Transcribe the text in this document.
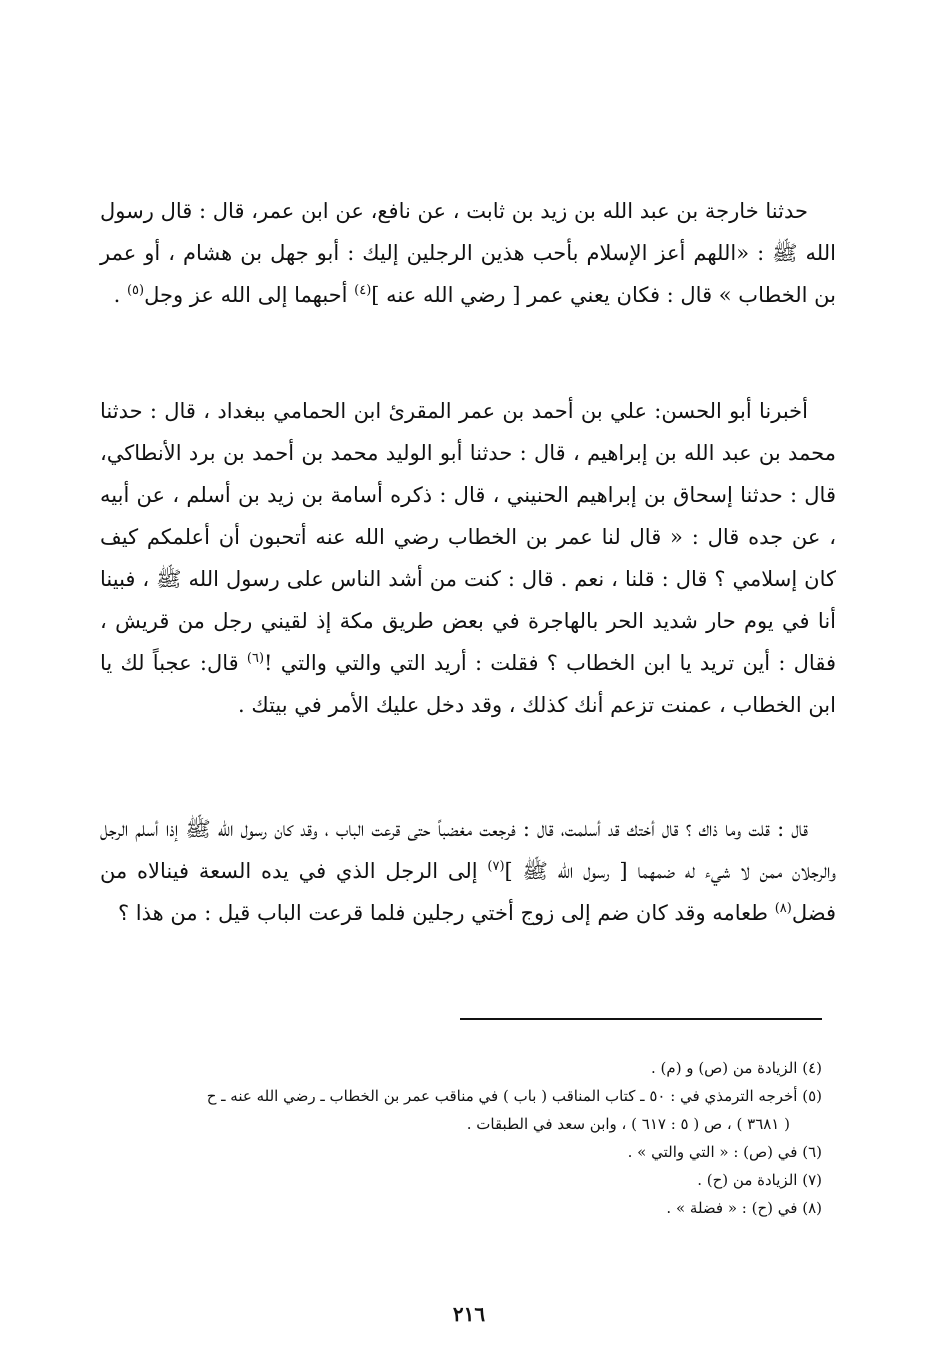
حدثنا خارجة بن عبد الله بن زيد بن ثابت ، عن نافع، عن ابن عمر، قال : قال رسول الله ﷺ : «اللهم أعز الإسلام بأحب هذين الرجلين إليك : أبو جهل بن هشام ، أو عمر بن الخطاب » قال : فكان يعني عمر [ رضي الله عنه ]$^{(٤)}$ أحبهما إلى الله عز وجل$^{(٥)}$ .

أخبرنا أبو الحسن: علي بن أحمد بن عمر المقرئ ابن الحمامي ببغداد ، قال : حدثنا محمد بن عبد الله بن إبراهيم ، قال : حدثنا أبو الوليد محمد بن أحمد بن برد الأنطاكي، قال : حدثنا إسحاق بن إبراهيم الحنيني ، قال : ذكره أسامة بن زيد بن أسلم ، عن أبيه ، عن جده قال : « قال لنا عمر بن الخطاب رضي الله عنه أتحبون أن أعلمكم كيف كان إسلامي ؟ قال : قلنا ، نعم . قال : كنت من أشد الناس على رسول الله ﷺ ، فبينا أنا في يوم حار شديد الحر بالهاجرة في بعض طريق مكة إذ لقيني رجل من قريش ، فقال : أين تريد يا ابن الخطاب ؟ فقلت : أريد التي والتي والتي !$^{(٦)}$ قال: عجباً لك يا ابن الخطاب ، عمنت تزعم أنك كذلك ، وقد دخل عليك الأمر في بيتك .

قال : قلت وما ذاك ؟ قال أختك قد أسلمت، قال : فرجعت مغضباً حتى قرعت الباب ، وقد كان رسول الله ﷺ إذا أسلم الرجل والرجلان ممن لا شيء له ضمهما [ رسول الله ﷺ ]$^{(٧)}$ إلى الرجل الذي في يده السعة فينالاه من فضل$^{(٨)}$ طعامه وقد كان ضم إلى زوج أختي رجلين فلما قرعت الباب قيل : من هذا ؟

(٤) الزيادة من (ص) و (م) .

(٥) أخرجه الترمذي في : ٥٠ ـ كتاب المناقب ( باب ) في مناقب عمر بن الخطاب ـ رضي الله عنه ـ ح

( ٣٦٨١ ) ، ص ( ٥ : ٦١٧ ) ، وابن سعد في الطبقات .

(٦) في (ص) : « التي والتي » .

(٧) الزيادة من (ح) .

(٨) في (ح) : « فضلة » .

٢١٦
